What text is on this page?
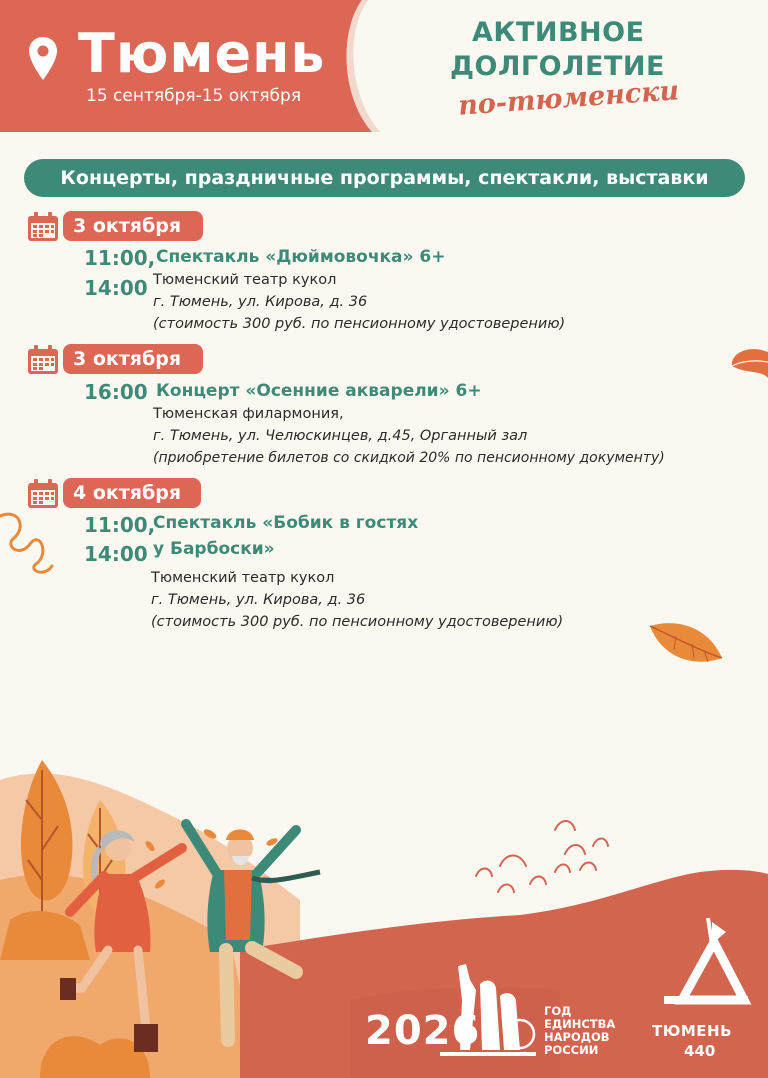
Тюмень
15 сентября-15 октября
АКТИВНОЕ
ДОЛГОЛЕТИЕ
по-тюменски
Концерты, праздничные программы, спектакли, выставки
3 октября
11:00,
14:00
Спектакль «Дюймовочка» 6+
Тюменский театр кукол
г. Тюмень, ул. Кирова, д. 36
(стоимость 300 руб. по пенсионному удостоверению)
3 октября
16:00 Концерт «Осенние акварели» 6+
Тюменская филармония,
г. Тюмень, ул. Челюскинцев, д.45, Органный зал
(приобретение билетов со скидкой 20% по пенсионному документу)
4 октября
11:00,
14:00
Спектакль «Бобик в гостях
у Барбоски»
Тюменский театр кукол
г. Тюмень, ул. Кирова, д. 36
(стоимость 300 руб. по пенсионному удостоверению)
2026	ГОД
ЕДИНСТВА
НАРОДОВ
РОССИИ
ТЮМЕНЬ
440
